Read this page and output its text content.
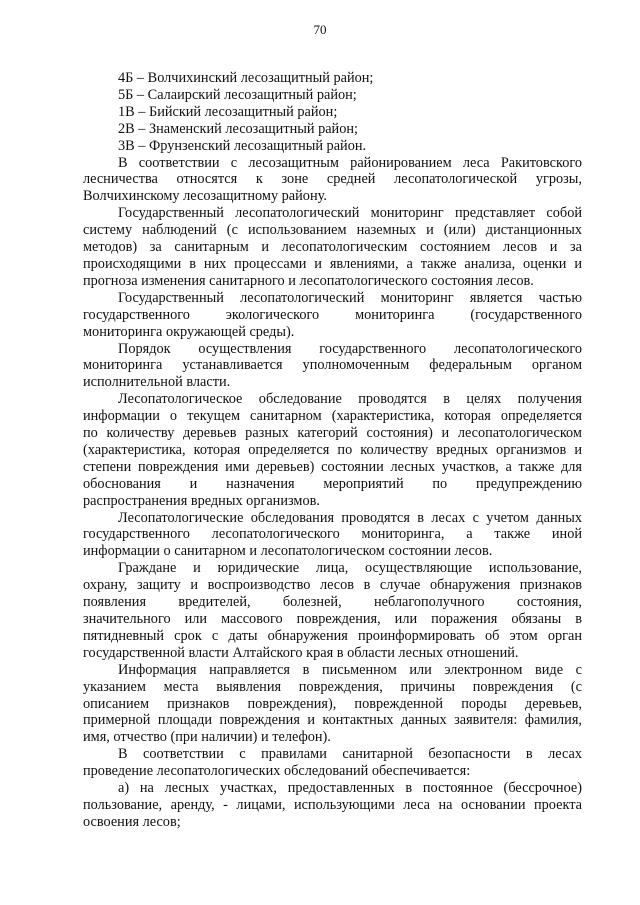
70
4Б – Волчихинский лесозащитный район;
5Б – Салаирский лесозащитный район;
1В – Бийский лесозащитный район;
2В – Знаменский лесозащитный район;
3В – Фрунзенский лесозащитный район.
В соответствии с лесозащитным районированием леса Ракитовского
лесничества относятся к зоне средней лесопатологической угрозы,
Волчихинскому лесозащитному району.
Государственный лесопатологический мониторинг представляет собой
систему наблюдений (с использованием наземных и (или) дистанционных
методов) за санитарным и лесопатологическим состоянием лесов и за
происходящими в них процессами и явлениями, а также анализа, оценки и
прогноза изменения санитарного и лесопатологического состояния лесов.
Государственный лесопатологический мониторинг является частью
государственного экологического мониторинга (государственного
мониторинга окружающей среды).
Порядок осуществления государственного лесопатологического
мониторинга устанавливается уполномоченным федеральным органом
исполнительной власти.
Лесопатологическое обследование проводятся в целях получения
информации о текущем санитарном (характеристика, которая определяется
по количеству деревьев разных категорий состояния) и лесопатологическом
(характеристика, которая определяется по количеству вредных организмов и
степени повреждения ими деревьев) состоянии лесных участков, а также для
обоснования и назначения мероприятий по предупреждению
распространения вредных организмов.
Лесопатологические обследования проводятся в лесах с учетом данных
государственного лесопатологического мониторинга, а также иной
информации о санитарном и лесопатологическом состоянии лесов.
Граждане и юридические лица, осуществляющие использование,
охрану, защиту и воспроизводство лесов в случае обнаружения признаков
появления вредителей, болезней, неблагополучного состояния,
значительного или массового повреждения, или поражения обязаны в
пятидневный срок с даты обнаружения проинформировать об этом орган
государственной власти Алтайского края в области лесных отношений.
Информация направляется в письменном или электронном виде с
указанием места выявления повреждения, причины повреждения (с
описанием признаков повреждения), поврежденной породы деревьев,
примерной площади повреждения и контактных данных заявителя: фамилия,
имя, отчество (при наличии) и телефон).
В соответствии с правилами санитарной безопасности в лесах
проведение лесопатологических обследований обеспечивается:
а) на лесных участках, предоставленных в постоянное (бессрочное)
пользование, аренду, - лицами, использующими леса на основании проекта
освоения лесов;
